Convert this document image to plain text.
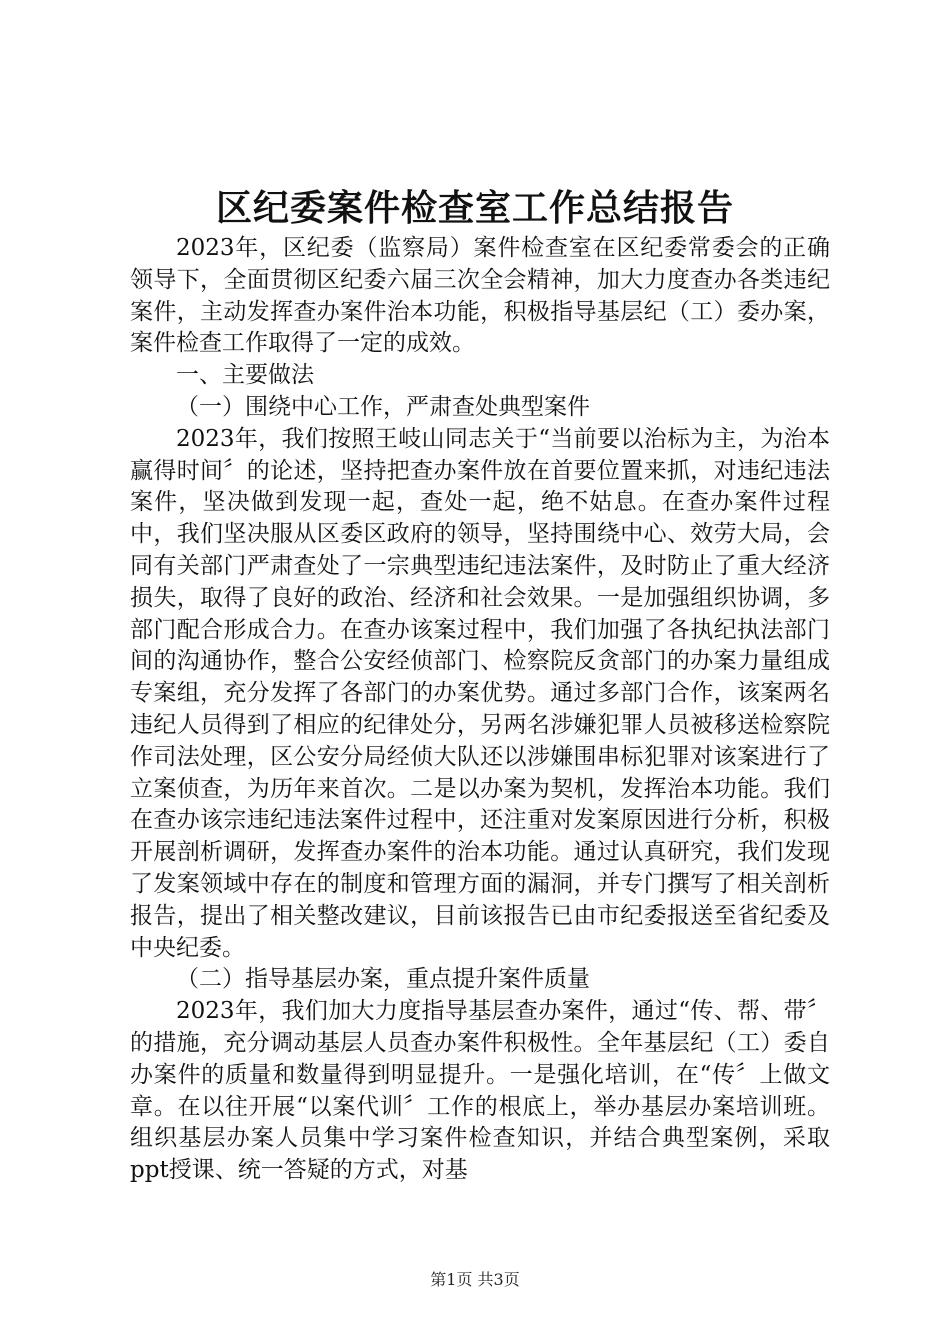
区纪委案件检查室工作总结报告

2023年，区纪委（监察局）案件检查室在区纪委常委会的正确领导下，全面贯彻区纪委六届三次全会精神，加大力度查办各类违纪案件，主动发挥查办案件治本功能，积极指导基层纪（工）委办案，案件检查工作取得了一定的成效。

一、主要做法

（一）围绕中心工作，严肃查处典型案件

2023年，我们按照王岐山同志关于“当前要以治标为主，为治本赢得时间〞的论述，坚持把查办案件放在首要位置来抓，对违纪违法案件，坚决做到发现一起，查处一起，绝不姑息。在查办案件过程中，我们坚决服从区委区政府的领导，坚持围绕中心、效劳大局，会同有关部门严肃查处了一宗典型违纪违法案件，及时防止了重大经济损失，取得了良好的政治、经济和社会效果。一是加强组织协调，多部门配合形成合力。在查办该案过程中，我们加强了各执纪执法部门间的沟通协作，整合公安经侦部门、检察院反贪部门的办案力量组成专案组，充分发挥了各部门的办案优势。通过多部门合作，该案两名违纪人员得到了相应的纪律处分，另两名涉嫌犯罪人员被移送检察院作司法处理，区公安分局经侦大队还以涉嫌围串标犯罪对该案进行了立案侦查，为历年来首次。二是以办案为契机，发挥治本功能。我们在查办该宗违纪违法案件过程中，还注重对发案原因进行分析，积极开展剖析调研，发挥查办案件的治本功能。通过认真研究，我们发现了发案领域中存在的制度和管理方面的漏洞，并专门撰写了相关剖析报告，提出了相关整改建议，目前该报告已由市纪委报送至省纪委及中央纪委。

（二）指导基层办案，重点提升案件质量

2023年，我们加大力度指导基层查办案件，通过“传、帮、带〞的措施，充分调动基层人员查办案件积极性。全年基层纪（工）委自办案件的质量和数量得到明显提升。一是强化培训，在“传〞上做文章。在以往开展“以案代训〞工作的根底上，举办基层办案培训班。组织基层办案人员集中学习案件检查知识，并结合典型案例，采取ppt授课、统一答疑的方式，对基

第1页 共3页
